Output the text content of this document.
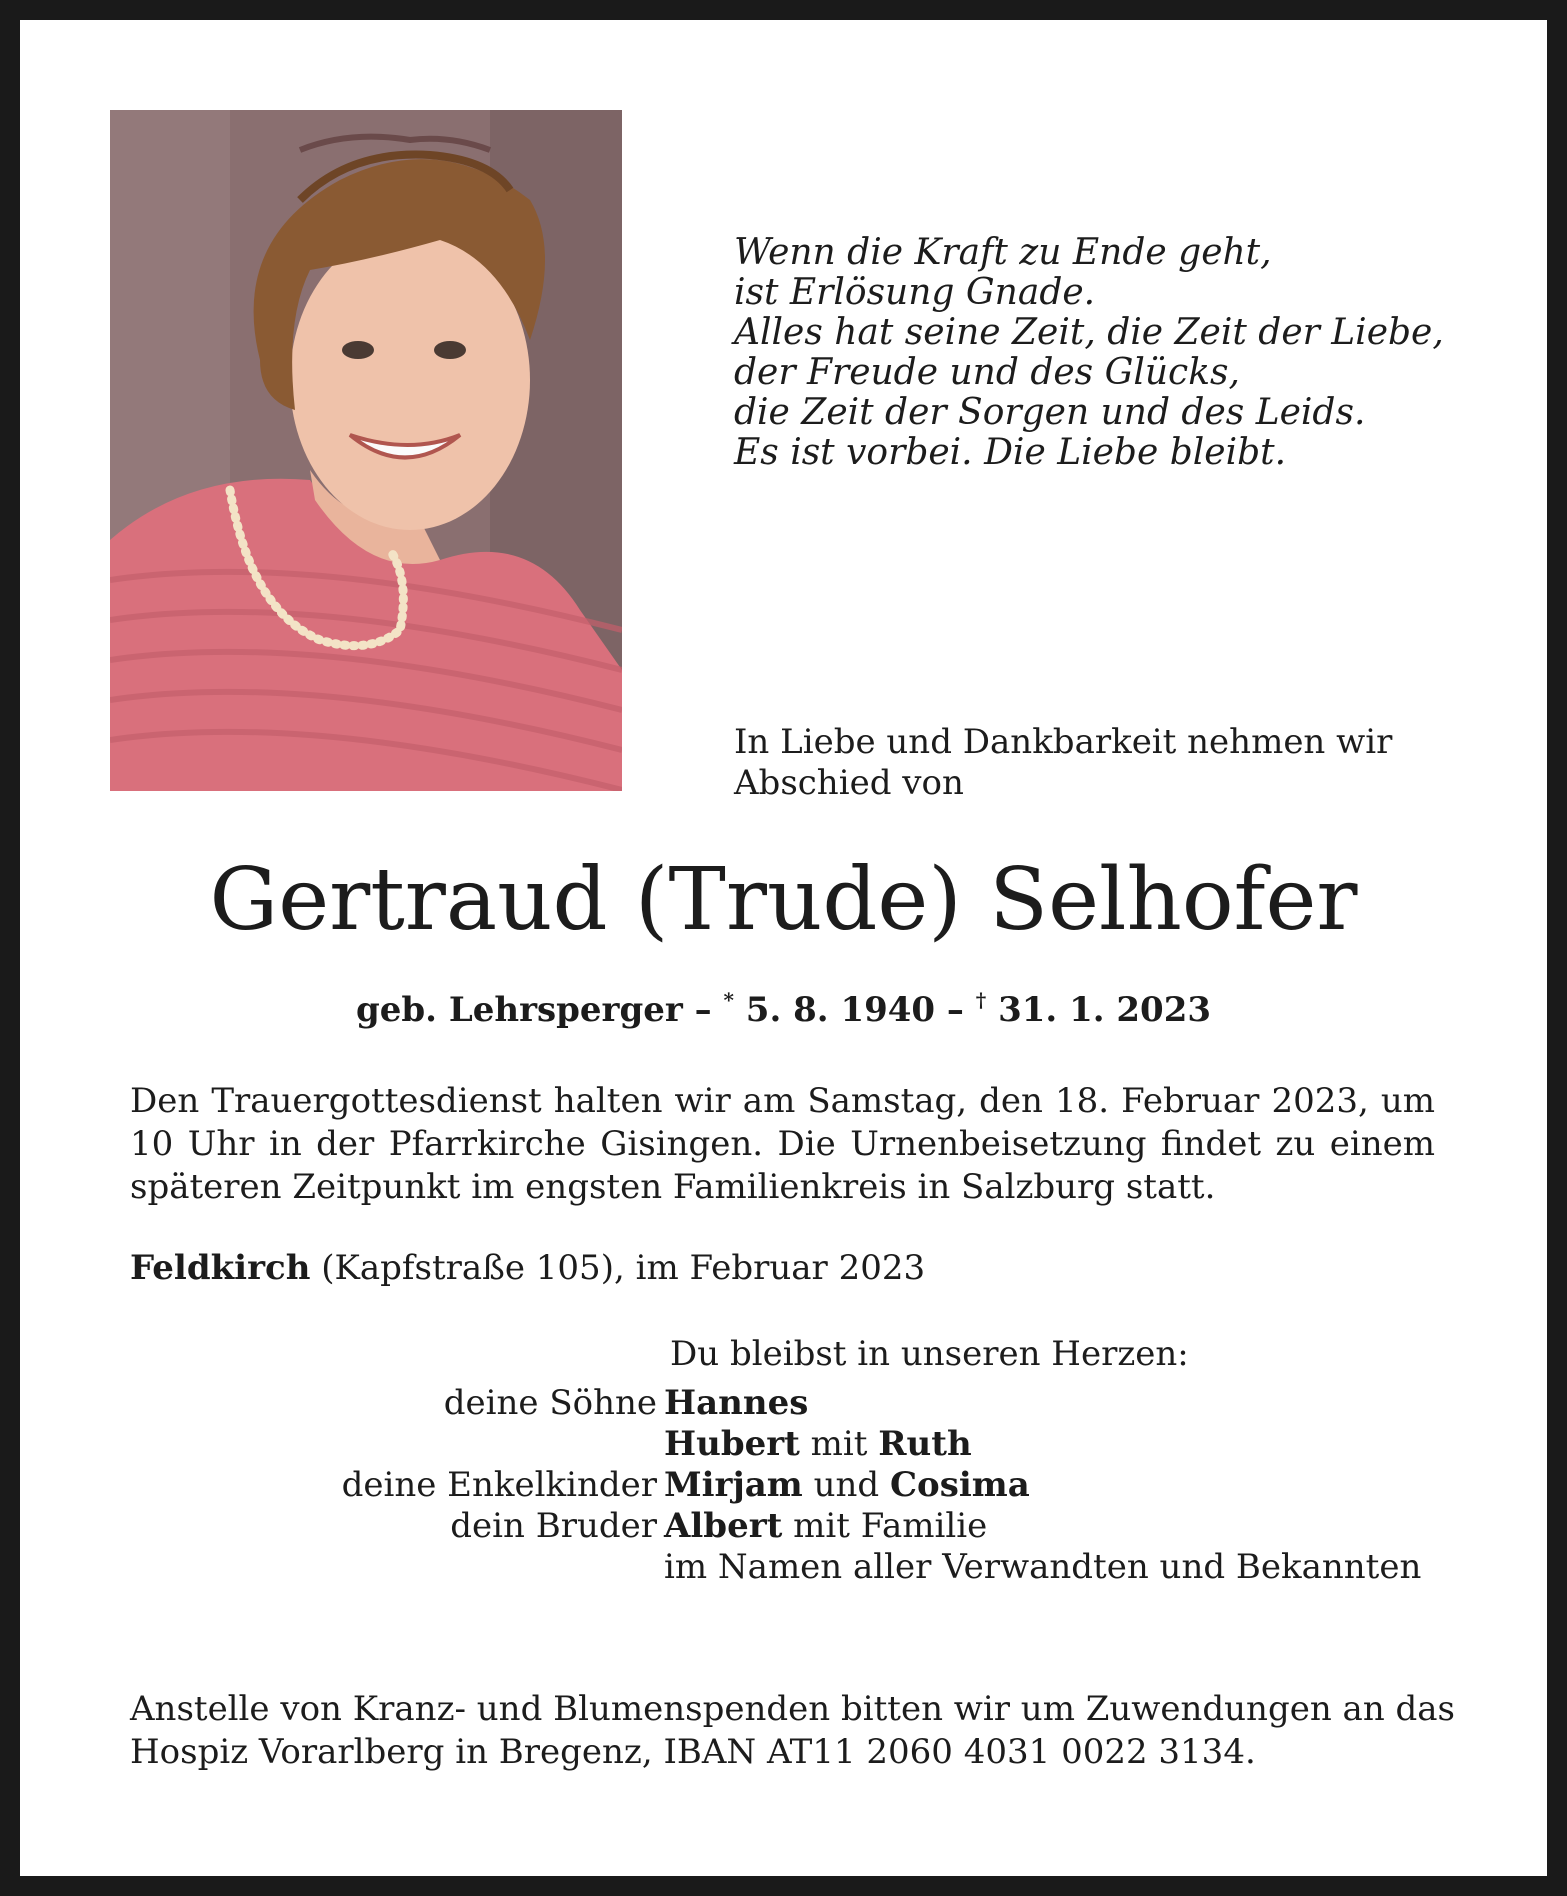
Wenn die Kraft zu Ende geht,
ist Erlösung Gnade.
Alles hat seine Zeit, die Zeit der Liebe,
der Freude und des Glücks,
die Zeit der Sorgen und des Leids.
Es ist vorbei. Die Liebe bleibt.
In Liebe und Dankbarkeit nehmen wir Abschied von
Gertraud (Trude) Selhofer
geb. Lehrsperger – * 5. 8. 1940 – † 31. 1. 2023
Den Trauergottesdienst halten wir am Samstag, den 18. Februar 2023, um 10 Uhr in der Pfarrkirche Gisingen. Die Urnenbeisetzung findet zu einem späteren Zeitpunkt im engsten Familienkreis in Salzburg statt.
Feldkirch (Kapfstraße 105), im Februar 2023
Du bleibst in unseren Herzen:
deine Söhne Hannes
Hubert mit Ruth
deine Enkelkinder Mirjam und Cosima
dein Bruder Albert mit Familie
im Namen aller Verwandten und Bekannten
Anstelle von Kranz- und Blumenspenden bitten wir um Zuwendungen an das
Hospiz Vorarlberg in Bregenz, IBAN AT11 2060 4031 0022 3134.
